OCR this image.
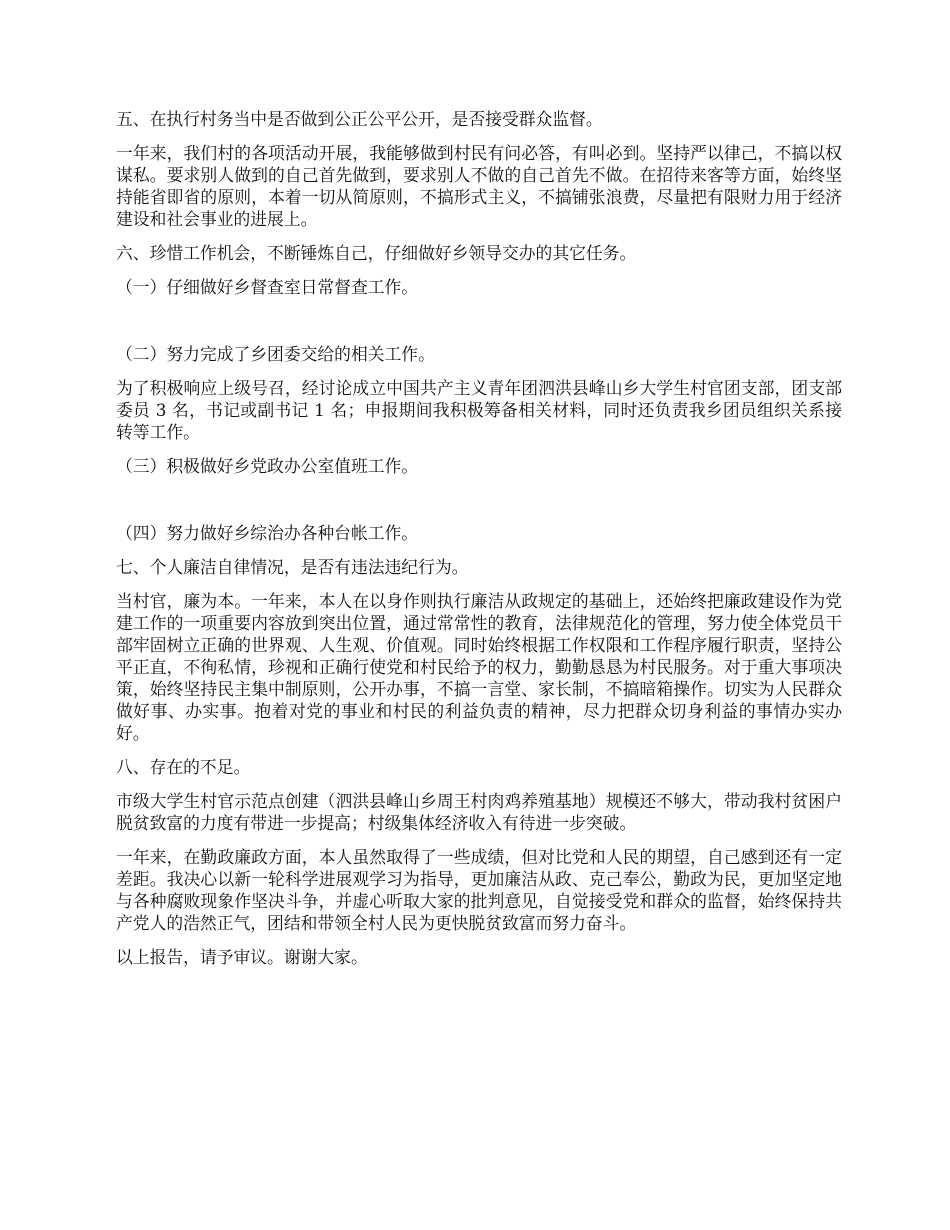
五、在执行村务当中是否做到公正公平公开，是否接受群众监督。

一年来，我们村的各项活动开展，我能够做到村民有问必答，有叫必到。坚持严以律己，不搞以权谋私。要求别人做到的自己首先做到，要求别人不做的自己首先不做。在招待来客等方面，始终坚持能省即省的原则，本着一切从简原则，不搞形式主义，不搞铺张浪费，尽量把有限财力用于经济建设和社会事业的进展上。

六、珍惜工作机会，不断锤炼自己，仔细做好乡领导交办的其它任务。

（一）仔细做好乡督查室日常督查工作。

（二）努力完成了乡团委交给的相关工作。

为了积极响应上级号召，经讨论成立中国共产主义青年团泗洪县峰山乡大学生村官团支部，团支部委员 3 名，书记或副书记 1 名；申报期间我积极筹备相关材料，同时还负责我乡团员组织关系接转等工作。

（三）积极做好乡党政办公室值班工作。

（四）努力做好乡综治办各种台帐工作。

七、个人廉洁自律情况，是否有违法违纪行为。

当村官，廉为本。一年来，本人在以身作则执行廉洁从政规定的基础上，还始终把廉政建设作为党建工作的一项重要内容放到突出位置，通过常常性的教育，法律规范化的管理，努力使全体党员干部牢固树立正确的世界观、人生观、价值观。同时始终根据工作权限和工作程序履行职责，坚持公平正直，不徇私情，珍视和正确行使党和村民给予的权力，勤勤恳恳为村民服务。对于重大事项决策，始终坚持民主集中制原则，公开办事，不搞一言堂、家长制，不搞暗箱操作。切实为人民群众做好事、办实事。抱着对党的事业和村民的利益负责的精神，尽力把群众切身利益的事情办实办好。

八、存在的不足。

市级大学生村官示范点创建（泗洪县峰山乡周王村肉鸡养殖基地）规模还不够大，带动我村贫困户脱贫致富的力度有带进一步提高；村级集体经济收入有待进一步突破。

一年来，在勤政廉政方面，本人虽然取得了一些成绩，但对比党和人民的期望，自己感到还有一定差距。我决心以新一轮科学进展观学习为指导，更加廉洁从政、克己奉公，勤政为民，更加坚定地与各种腐败现象作坚决斗争，并虚心听取大家的批判意见，自觉接受党和群众的监督，始终保持共产党人的浩然正气，团结和带领全村人民为更快脱贫致富而努力奋斗。

以上报告，请予审议。谢谢大家。
